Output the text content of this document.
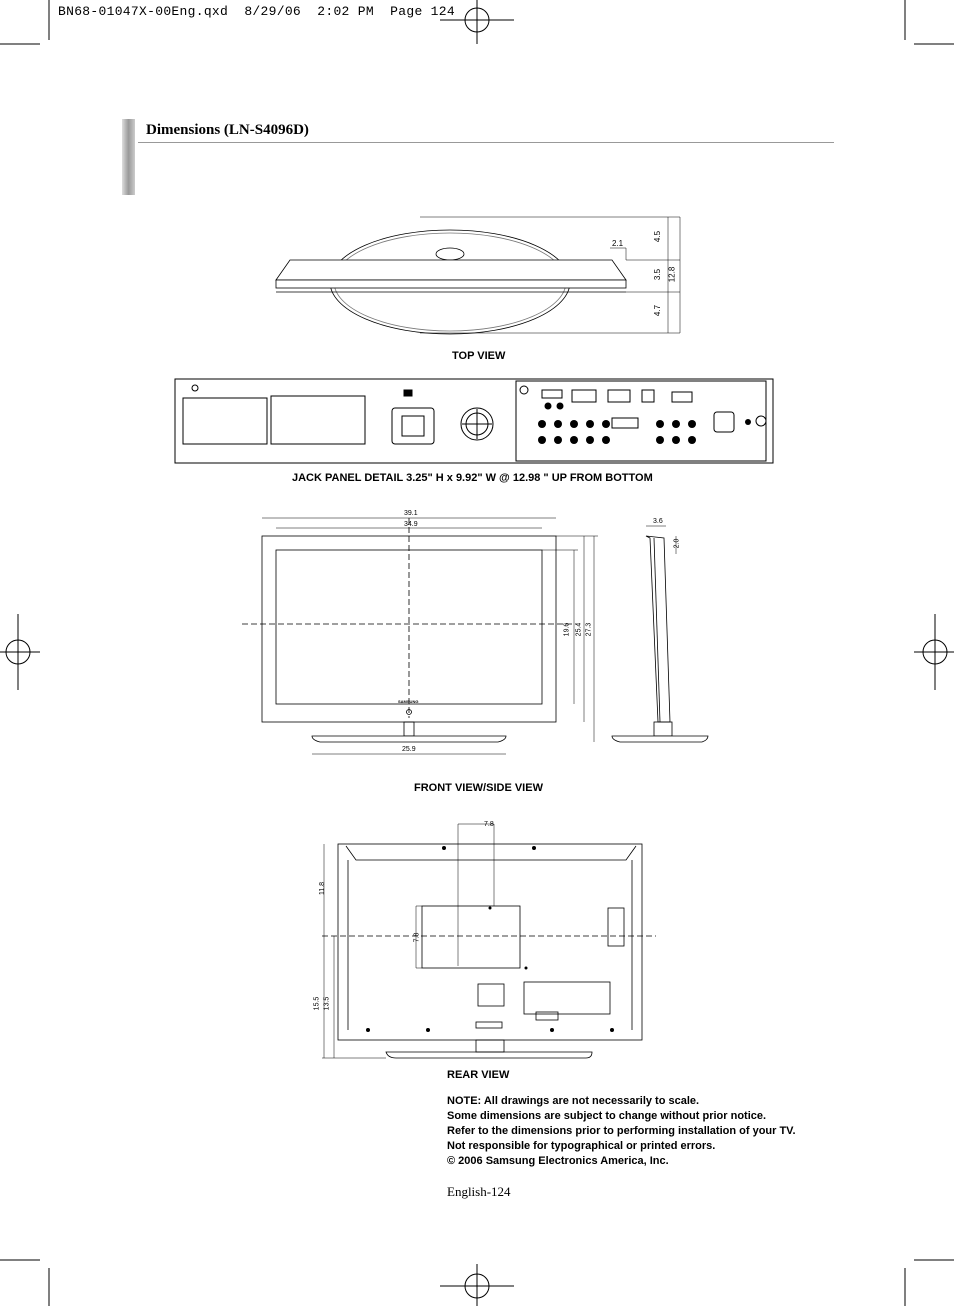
BN68-01047X-00Eng.qxd  8/29/06  2:02 PM  Page 124
Dimensions (LN-S4096D)
2.1
4.5
3.5 12.8
4.7
TOP VIEW
JACK PANEL DETAIL 3.25" H x 9.92" W @ 12.98 " UP FROM BOTTOM
39.1
34.9
19.6 25.4 27.3
25.9
3.6
2.0
SAMSUNG
FRONT VIEW/SIDE VIEW
7.8
7.8
11.8
15.5 13.5
REAR VIEW
NOTE: All drawings are not necessarily to scale.
Some dimensions are subject to change without prior notice.
Refer to the dimensions prior to performing installation of your TV.
Not responsible for typographical or printed errors.
© 2006 Samsung Electronics America, Inc.
English-124
